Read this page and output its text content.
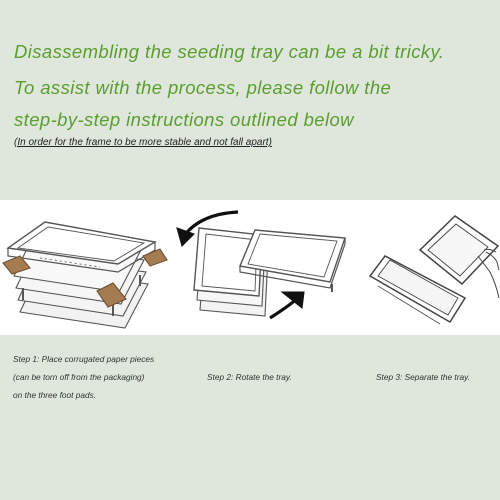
Disassembling the seeding tray can be a bit tricky.

To assist with the process, please follow the

step-by-step instructions outlined below

(In order for the frame to be more stable and not fall apart)

Step 1: Place corrugated paper pieces
(can be torn off from the packaging)
on the three foot pads.
Step 2: Rotate the tray.	Step 3: Separate the tray.
